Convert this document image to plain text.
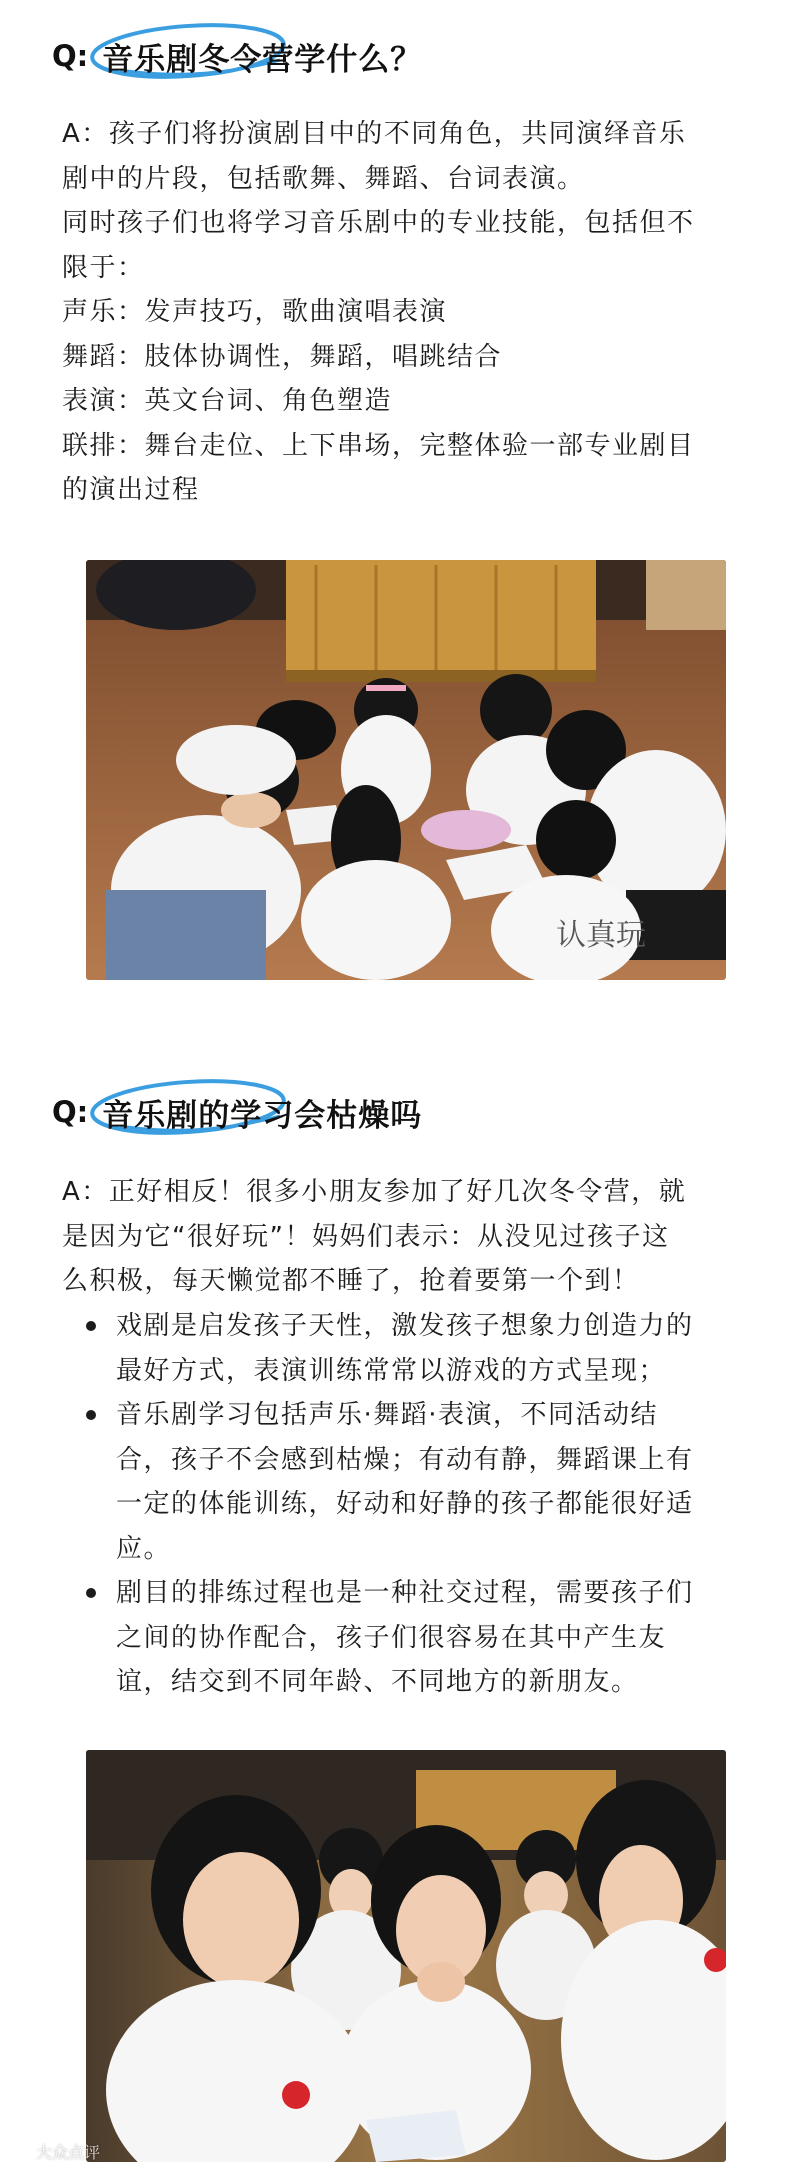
Q: 音乐剧冬令营学什么？
A：孩子们将扮演剧目中的不同角色，共同演绎音乐
剧中的片段，包括歌舞、舞蹈、台词表演。
同时孩子们也将学习音乐剧中的专业技能，包括但不
限于：
声乐：发声技巧，歌曲演唱表演
舞蹈：肢体协调性，舞蹈，唱跳结合
表演：英文台词、角色塑造
联排：舞台走位、上下串场，完整体验一部专业剧目
的演出过程
认真玩
Q: 音乐剧的学习会枯燥吗
A：正好相反！很多小朋友参加了好几次冬令营，就
是因为它“很好玩”！妈妈们表示：从没见过孩子这
么积极，每天懒觉都不睡了，抢着要第一个到！
戏剧是启发孩子天性，激发孩子想象力创造力的
最好方式，表演训练常常以游戏的方式呈现；
音乐剧学习包括声乐·舞蹈·表演，不同活动结
合，孩子不会感到枯燥；有动有静，舞蹈课上有
一定的体能训练，好动和好静的孩子都能很好适
应。
剧目的排练过程也是一种社交过程，需要孩子们
之间的协作配合，孩子们很容易在其中产生友
谊，结交到不同年龄、不同地方的新朋友。
大众点评
